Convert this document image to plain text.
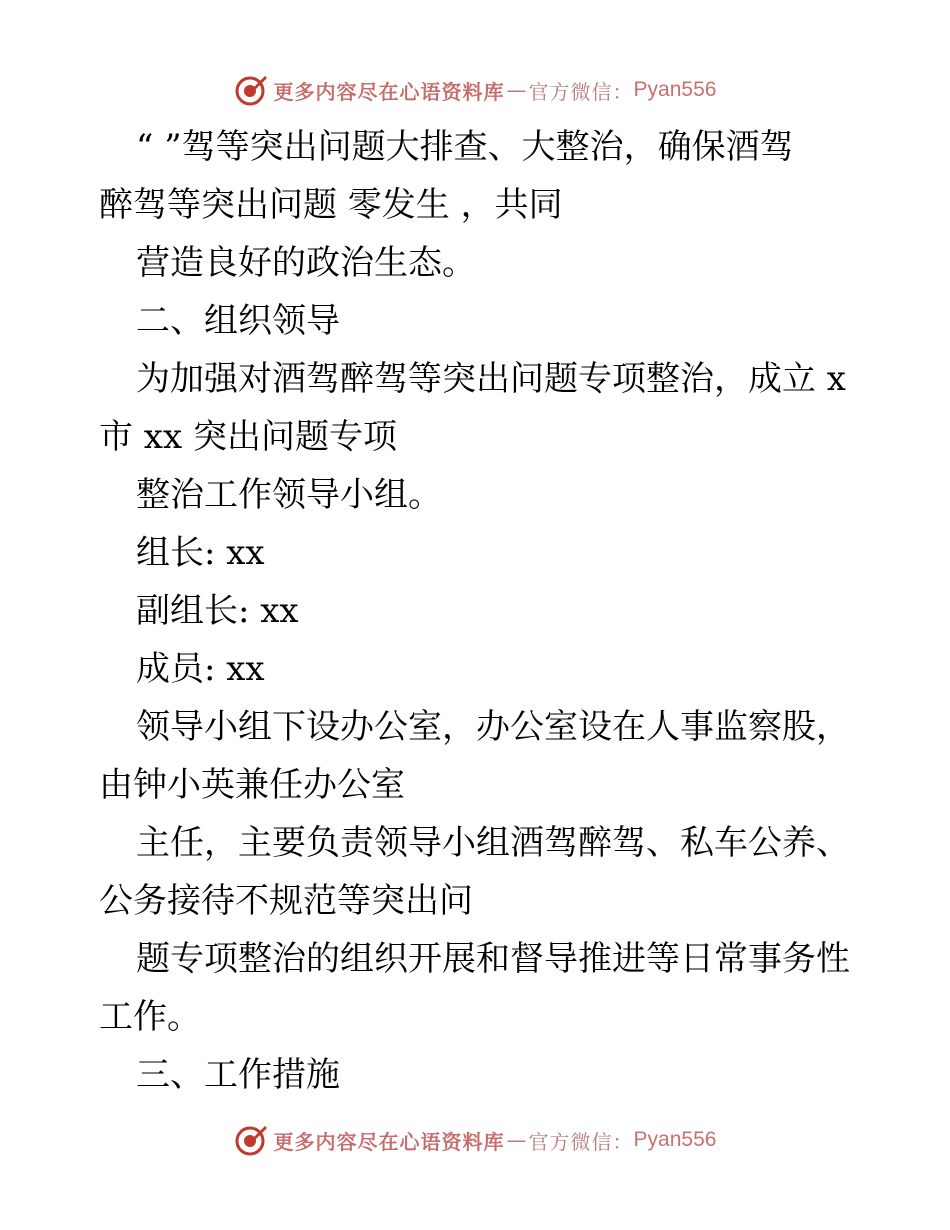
更多内容尽在心语资料库 — 官方微信： Pyan556

“ ”驾等突出问题大排查、大整治，确保酒驾

醉驾等突出问题 零发生 ，共同

营造良好的政治生态。

二、组织领导

为加强对酒驾醉驾等突出问题专项整治，成立 x

市 xx 突出问题专项

整治工作领导小组。

组长: xx

副组长: xx

成员: xx

领导小组下设办公室，办公室设在人事监察股，

由钟小英兼任办公室

主任，主要负责领导小组酒驾醉驾、私车公养、

公务接待不规范等突出问

题专项整治的组织开展和督导推进等日常事务性

工作。

三、工作措施

更多内容尽在心语资料库 — 官方微信： Pyan556
